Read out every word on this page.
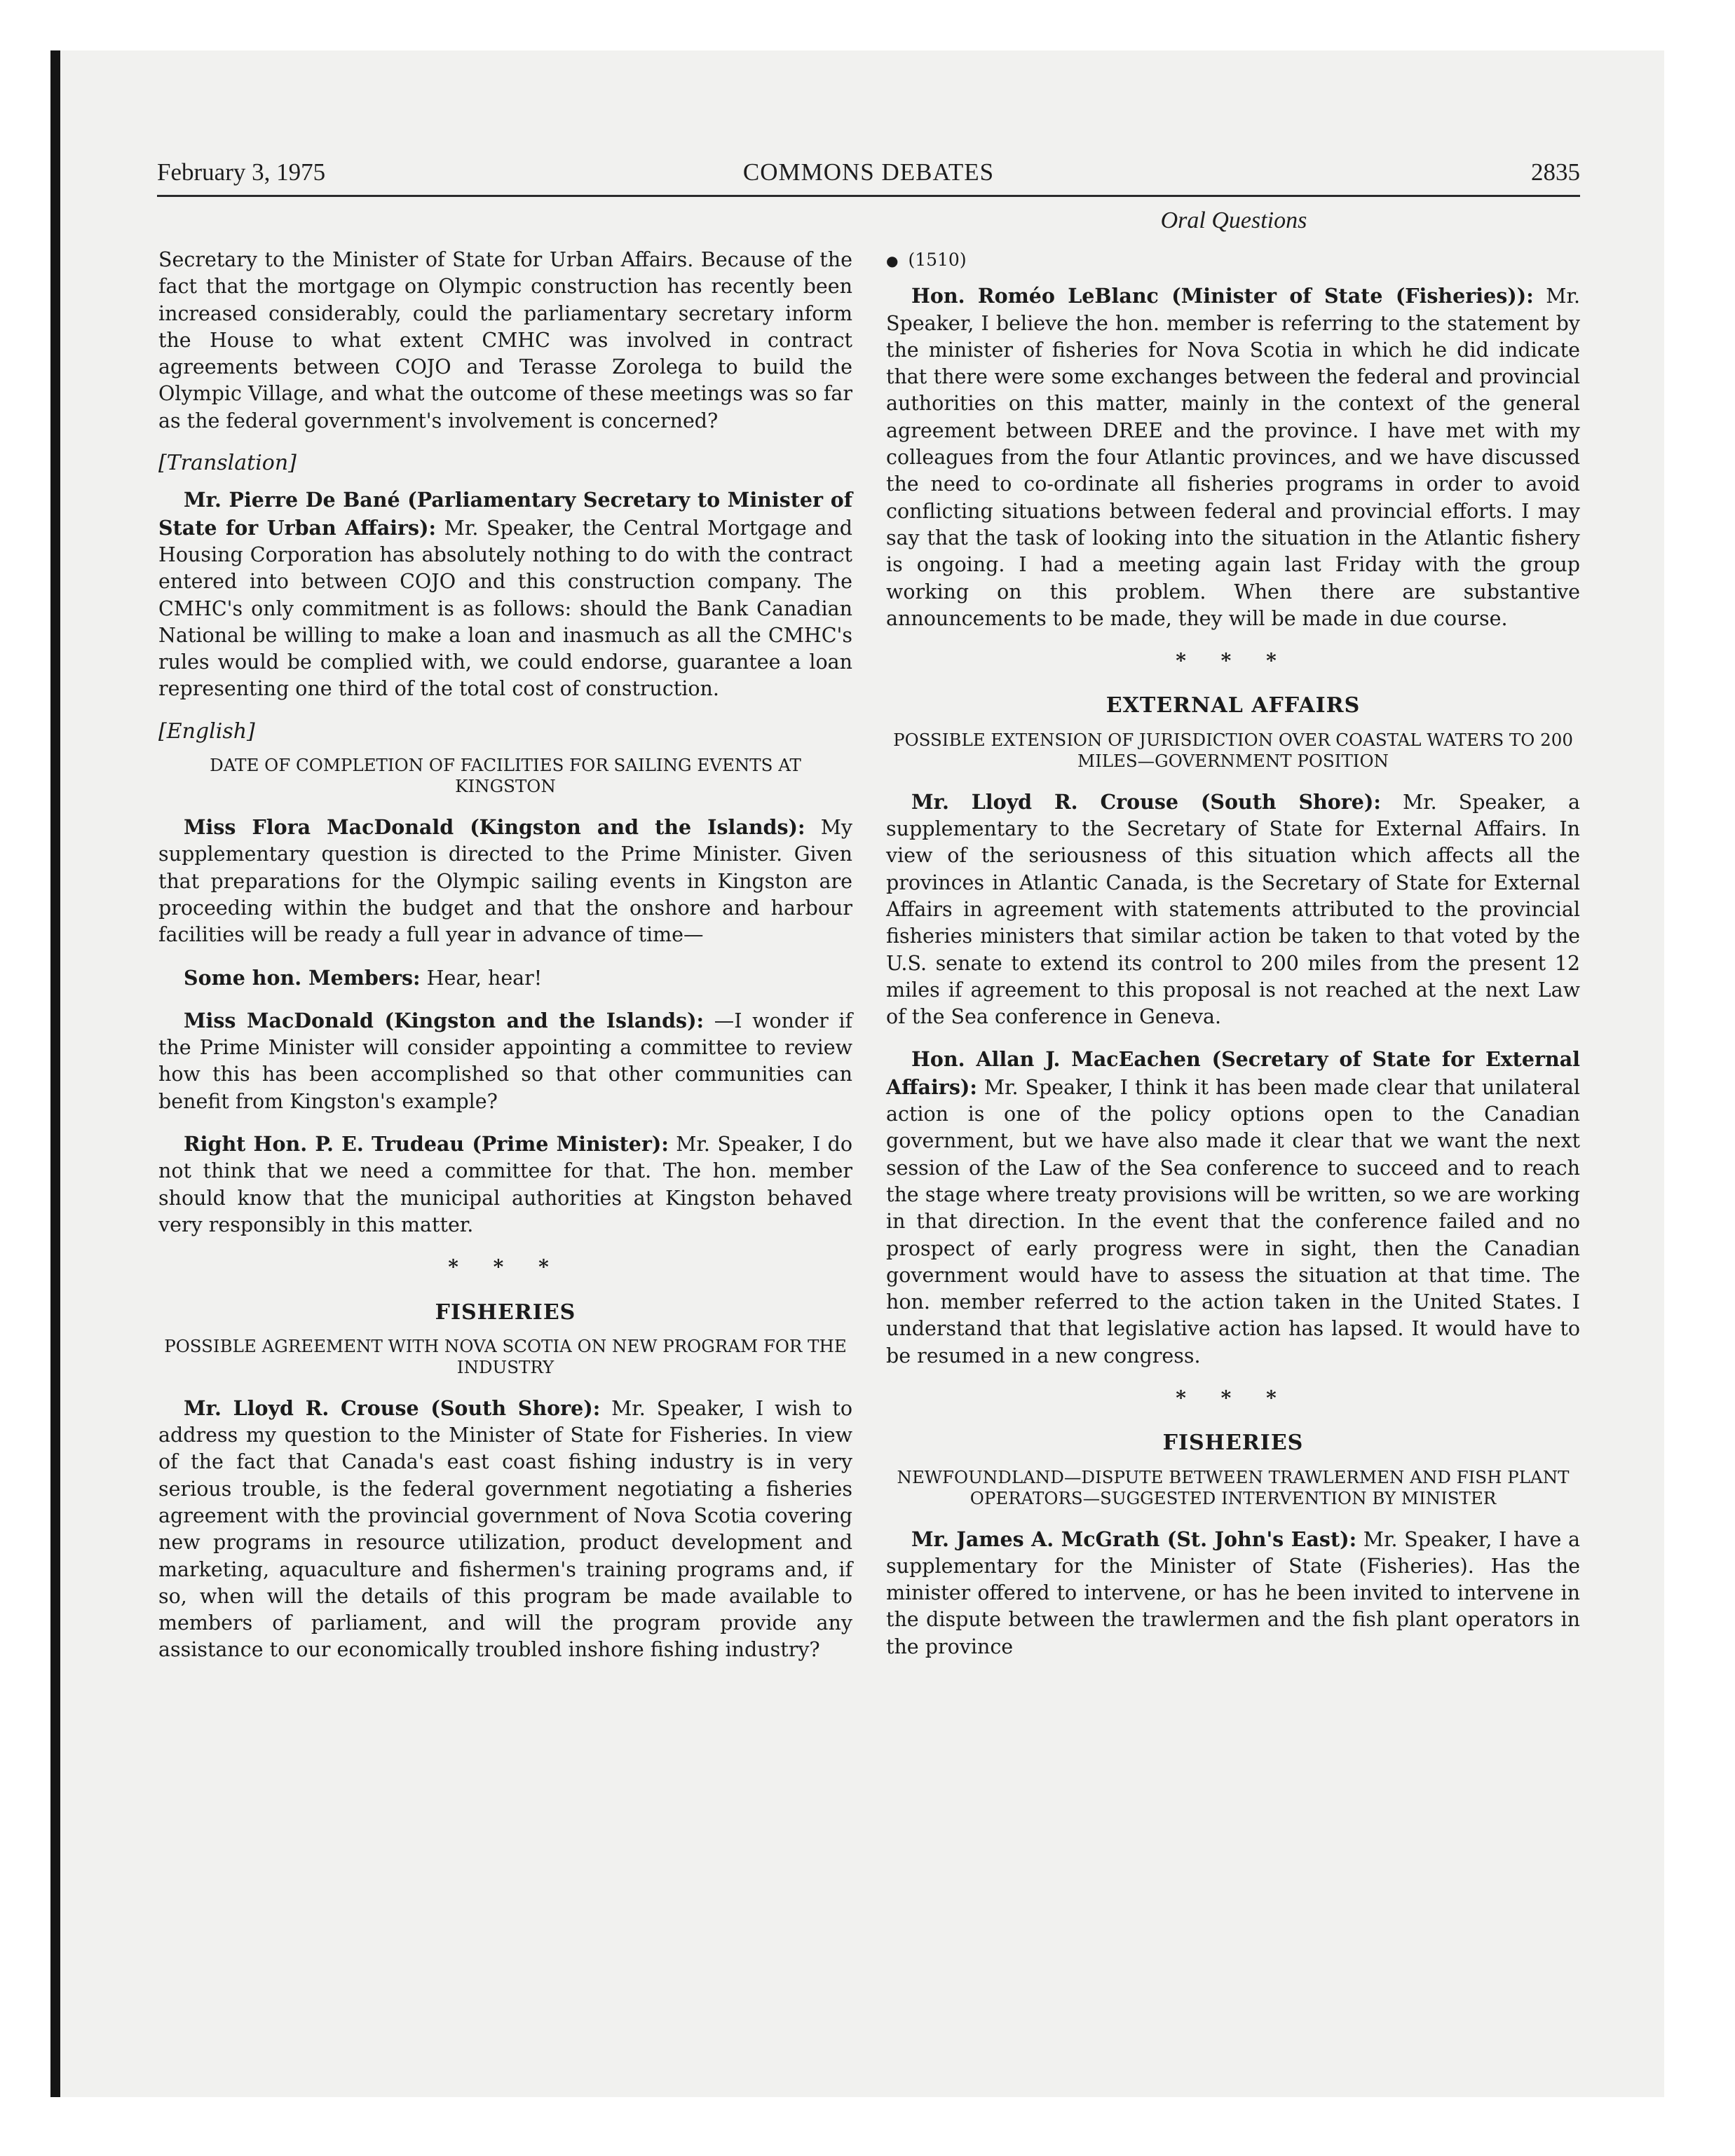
February 3, 1975	COMMONS DEBATES	2835
Oral Questions

Secretary to the Minister of State for Urban Affairs. Because of the fact that the mortgage on Olympic construction has recently been increased considerably, could the parliamentary secretary inform the House to what extent CMHC was involved in contract agreements between COJO and Terasse Zorolega to build the Olympic Village, and what the outcome of these meetings was so far as the federal government's involvement is concerned?

[Translation]

Mr. Pierre De Bané (Parliamentary Secretary to Minister of State for Urban Affairs): Mr. Speaker, the Central Mortgage and Housing Corporation has absolutely nothing to do with the contract entered into between COJO and this construction company. The CMHC's only commitment is as follows: should the Bank Canadian National be willing to make a loan and inasmuch as all the CMHC's rules would be complied with, we could endorse, guarantee a loan representing one third of the total cost of construction.

[English]
DATE OF COMPLETION OF FACILITIES FOR SAILING EVENTS AT KINGSTON

Miss Flora MacDonald (Kingston and the Islands): My supplementary question is directed to the Prime Minister. Given that preparations for the Olympic sailing events in Kingston are proceeding within the budget and that the onshore and harbour facilities will be ready a full year in advance of time—

Some hon. Members: Hear, hear!

Miss MacDonald (Kingston and the Islands): —I wonder if the Prime Minister will consider appointing a committee to review how this has been accomplished so that other communities can benefit from Kingston's example?

Right Hon. P. E. Trudeau (Prime Minister): Mr. Speaker, I do not think that we need a committee for that. The hon. member should know that the municipal authorities at Kingston behaved very responsibly in this matter.

* * *
FISHERIES
POSSIBLE AGREEMENT WITH NOVA SCOTIA ON NEW PROGRAM FOR THE INDUSTRY

Mr. Lloyd R. Crouse (South Shore): Mr. Speaker, I wish to address my question to the Minister of State for Fisheries. In view of the fact that Canada's east coast fishing industry is in very serious trouble, is the federal government negotiating a fisheries agreement with the provincial government of Nova Scotia covering new programs in resource utilization, product development and marketing, aquaculture and fishermen's training programs and, if so, when will the details of this program be made available to members of parliament, and will the program provide any assistance to our economically troubled inshore fishing industry?

● (1510)

Hon. Roméo LeBlanc (Minister of State (Fisheries)): Mr. Speaker, I believe the hon. member is referring to the statement by the minister of fisheries for Nova Scotia in which he did indicate that there were some exchanges between the federal and provincial authorities on this matter, mainly in the context of the general agreement between DREE and the province. I have met with my colleagues from the four Atlantic provinces, and we have discussed the need to co-ordinate all fisheries programs in order to avoid conflicting situations between federal and provincial efforts. I may say that the task of looking into the situation in the Atlantic fishery is ongoing. I had a meeting again last Friday with the group working on this problem. When there are substantive announcements to be made, they will be made in due course.

* * *
EXTERNAL AFFAIRS
POSSIBLE EXTENSION OF JURISDICTION OVER COASTAL WATERS TO 200 MILES—GOVERNMENT POSITION

Mr. Lloyd R. Crouse (South Shore): Mr. Speaker, a supplementary to the Secretary of State for External Affairs. In view of the seriousness of this situation which affects all the provinces in Atlantic Canada, is the Secretary of State for External Affairs in agreement with statements attributed to the provincial fisheries ministers that similar action be taken to that voted by the U.S. senate to extend its control to 200 miles from the present 12 miles if agreement to this proposal is not reached at the next Law of the Sea conference in Geneva.

Hon. Allan J. MacEachen (Secretary of State for External Affairs): Mr. Speaker, I think it has been made clear that unilateral action is one of the policy options open to the Canadian government, but we have also made it clear that we want the next session of the Law of the Sea conference to succeed and to reach the stage where treaty provisions will be written, so we are working in that direction. In the event that the conference failed and no prospect of early progress were in sight, then the Canadian government would have to assess the situation at that time. The hon. member referred to the action taken in the United States. I understand that that legislative action has lapsed. It would have to be resumed in a new congress.

* * *
FISHERIES
NEWFOUNDLAND—DISPUTE BETWEEN TRAWLERMEN AND FISH PLANT OPERATORS—SUGGESTED INTERVENTION BY MINISTER

Mr. James A. McGrath (St. John's East): Mr. Speaker, I have a supplementary for the Minister of State (Fisheries). Has the minister offered to intervene, or has he been invited to intervene in the dispute between the trawlermen and the fish plant operators in the province
